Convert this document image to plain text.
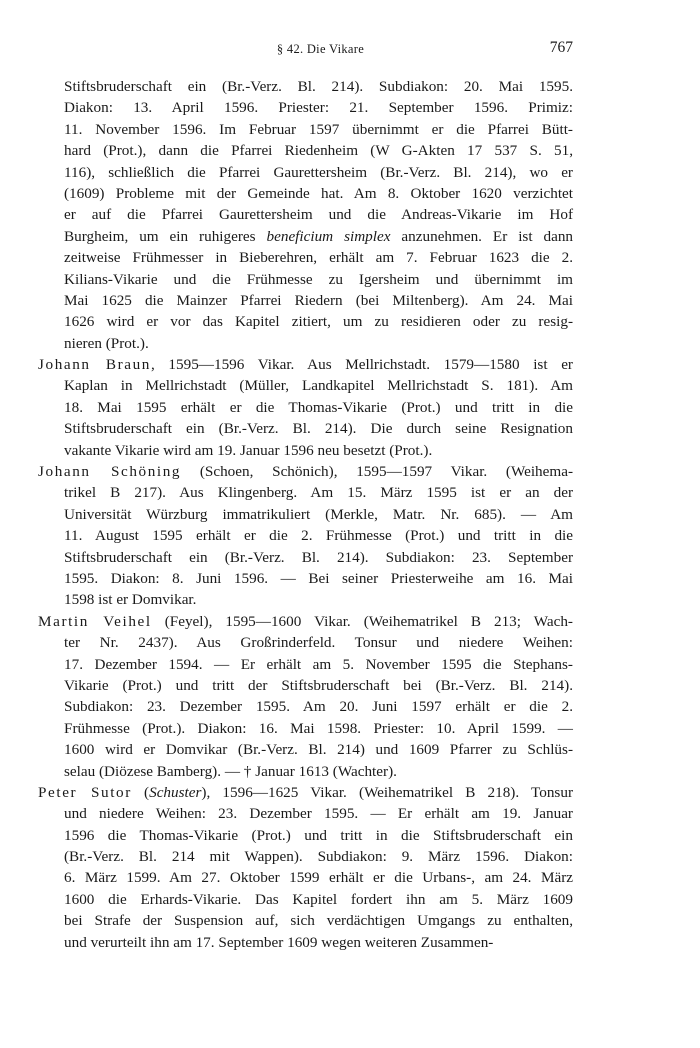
§ 42. Die Vikare	767
Stiftsbruderschaft ein (Br.-Verz. Bl. 214). Subdiakon: 20. Mai 1595.
Diakon: 13. April 1596. Priester: 21. September 1596. Primiz:
11. November 1596. Im Februar 1597 übernimmt er die Pfarrei Bütt-
hard (Prot.), dann die Pfarrei Riedenheim (W G-Akten 17 537 S. 51,
116), schließlich die Pfarrei Gaurettersheim (Br.-Verz. Bl. 214), wo er
(1609) Probleme mit der Gemeinde hat. Am 8. Oktober 1620 verzichtet
er auf die Pfarrei Gaurettersheim und die Andreas-Vikarie im Hof
Burgheim, um ein ruhigeres beneficium simplex anzunehmen. Er ist dann
zeitweise Frühmesser in Bieberehren, erhält am 7. Februar 1623 die 2.
Kilians-Vikarie und die Frühmesse zu Igersheim und übernimmt im
Mai 1625 die Mainzer Pfarrei Riedern (bei Miltenberg). Am 24. Mai
1626 wird er vor das Kapitel zitiert, um zu residieren oder zu resig-
nieren (Prot.).
Johann Braun, 1595—1596 Vikar. Aus Mellrichstadt. 1579—1580 ist er
Kaplan in Mellrichstadt (Müller, Landkapitel Mellrichstadt S. 181). Am
18. Mai 1595 erhält er die Thomas-Vikarie (Prot.) und tritt in die
Stiftsbruderschaft ein (Br.-Verz. Bl. 214). Die durch seine Resignation
vakante Vikarie wird am 19. Januar 1596 neu besetzt (Prot.).
Johann Schöning (Schoen, Schönich), 1595—1597 Vikar. (Weihema-
trikel B 217). Aus Klingenberg. Am 15. März 1595 ist er an der
Universität Würzburg immatrikuliert (Merkle, Matr. Nr. 685). — Am
11. August 1595 erhält er die 2. Frühmesse (Prot.) und tritt in die
Stiftsbruderschaft ein (Br.-Verz. Bl. 214). Subdiakon: 23. September
1595. Diakon: 8. Juni 1596. — Bei seiner Priesterweihe am 16. Mai
1598 ist er Domvikar.
Martin Veihel (Feyel), 1595—1600 Vikar. (Weihematrikel B 213; Wach-
ter Nr. 2437). Aus Großrinderfeld. Tonsur und niedere Weihen:
17. Dezember 1594. — Er erhält am 5. November 1595 die Stephans-
Vikarie (Prot.) und tritt der Stiftsbruderschaft bei (Br.-Verz. Bl. 214).
Subdiakon: 23. Dezember 1595. Am 20. Juni 1597 erhält er die 2.
Frühmesse (Prot.). Diakon: 16. Mai 1598. Priester: 10. April 1599. —
1600 wird er Domvikar (Br.-Verz. Bl. 214) und 1609 Pfarrer zu Schlüs-
selau (Diözese Bamberg). — † Januar 1613 (Wachter).
Peter Sutor (Schuster), 1596—1625 Vikar. (Weihematrikel B 218). Tonsur
und niedere Weihen: 23. Dezember 1595. — Er erhält am 19. Januar
1596 die Thomas-Vikarie (Prot.) und tritt in die Stiftsbruderschaft ein
(Br.-Verz. Bl. 214 mit Wappen). Subdiakon: 9. März 1596. Diakon:
6. März 1599. Am 27. Oktober 1599 erhält er die Urbans-, am 24. März
1600 die Erhards-Vikarie. Das Kapitel fordert ihn am 5. März 1609
bei Strafe der Suspension auf, sich verdächtigen Umgangs zu enthalten,
und verurteilt ihn am 17. September 1609 wegen weiteren Zusammen-
